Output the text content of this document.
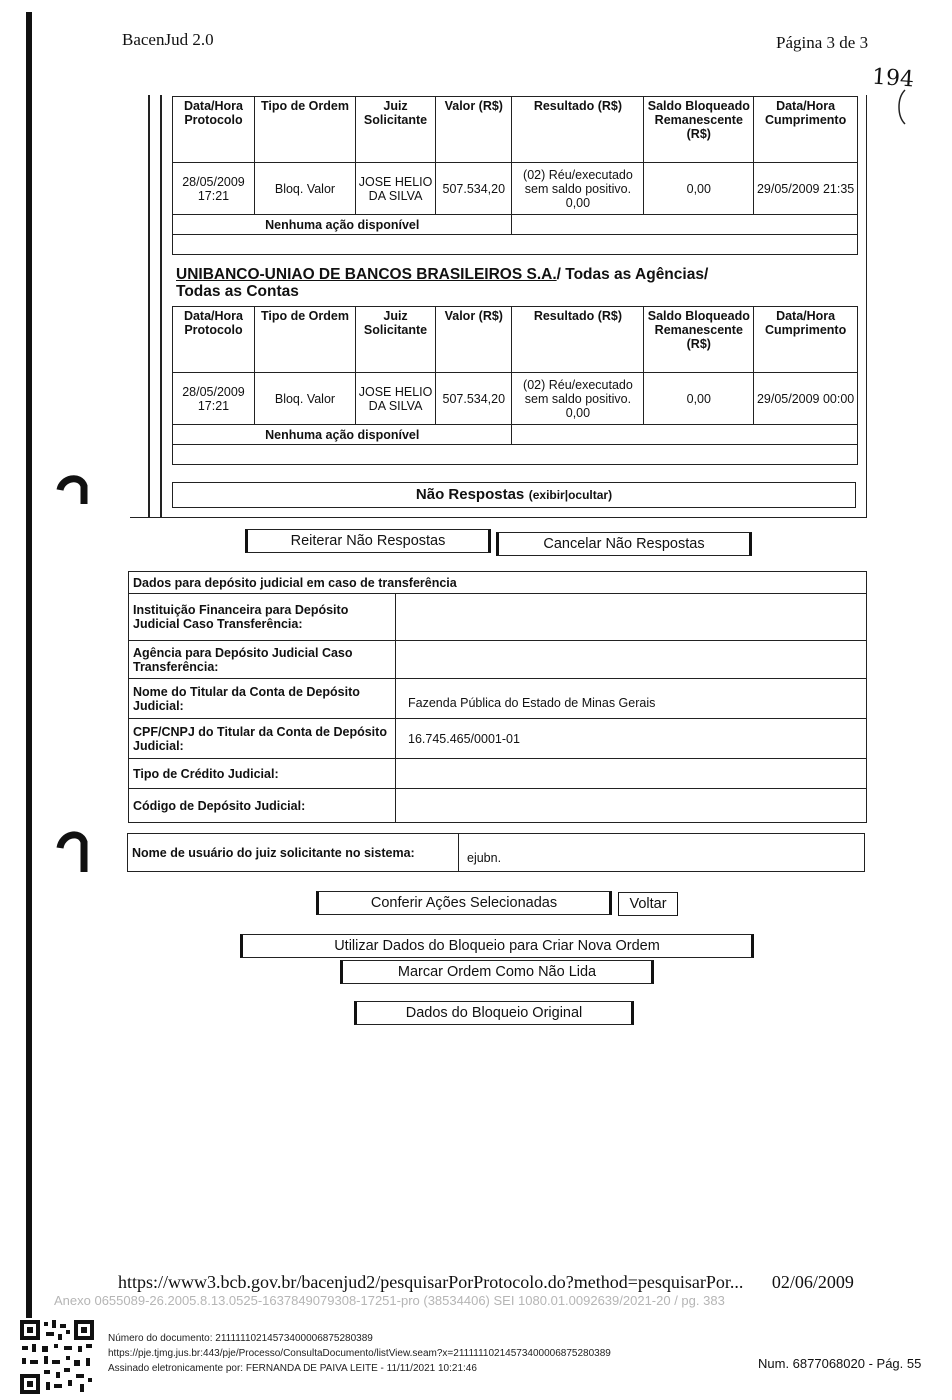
BacenJud 2.0	Página 3 de 3
194
Data/Hora Protocolo	Tipo de Ordem	Juiz Solicitante	Valor (R$)	Resultado (R$)	Saldo Bloqueado Remanescente (R$)	Data/Hora Cumprimento
28/05/2009 17:21	Bloq. Valor	JOSE HELIO DA SILVA	507.534,20	(02) Réu/executado sem saldo positivo. 0,00	0,00	29/05/2009 21:35
Nenhuma ação disponível						

UNIBANCO-UNIAO DE BANCOS BRASILEIROS S.A./ Todas as Agências/
Todas as Contas
Data/Hora Protocolo	Tipo de Ordem	Juiz Solicitante	Valor (R$)	Resultado (R$)	Saldo Bloqueado Remanescente (R$)	Data/Hora Cumprimento
28/05/2009 17:21	Bloq. Valor	JOSE HELIO DA SILVA	507.534,20	(02) Réu/executado sem saldo positivo. 0,00	0,00	29/05/2009 00:00
Nenhuma ação disponível						

Não Respostas (exibir|ocultar)
Reiterar Não Respostas	Cancelar Não Respostas
Dados para depósito judicial em caso de transferência	
Instituição Financeira para Depósito Judicial Caso Transferência:	
Agência para Depósito Judicial Caso Transferência:	
Nome do Titular da Conta de Depósito Judicial:	Fazenda Pública do Estado de Minas Gerais
CPF/CNPJ do Titular da Conta de Depósito Judicial:	16.745.465/0001-01
Tipo de Crédito Judicial:	
Código de Depósito Judicial:	
Nome de usuário do juiz solicitante no sistema:	ejubn.
Conferir Ações Selecionadas	Voltar
Utilizar Dados do Bloqueio para Criar Nova Ordem
Marcar Ordem Como Não Lida
Dados do Bloqueio Original
https://www3.bcb.gov.br/bacenjud2/pesquisarPorProtocolo.do?method=pesquisarPor... 02/06/2009
Anexo 0655089-26.2005.8.13.0525-1637849079308-17251-pro (38534406) SEI 1080.01.0092639/2021-20 / pg. 383
Número do documento: 21111110214573400006875280389
https://pje.tjmg.jus.br:443/pje/Processo/ConsultaDocumento/listView.seam?x=21111110214573400006875280389
Assinado eletronicamente por: FERNANDA DE PAIVA LEITE - 11/11/2021 10:21:46	Num. 6877068020 - Pág. 55
